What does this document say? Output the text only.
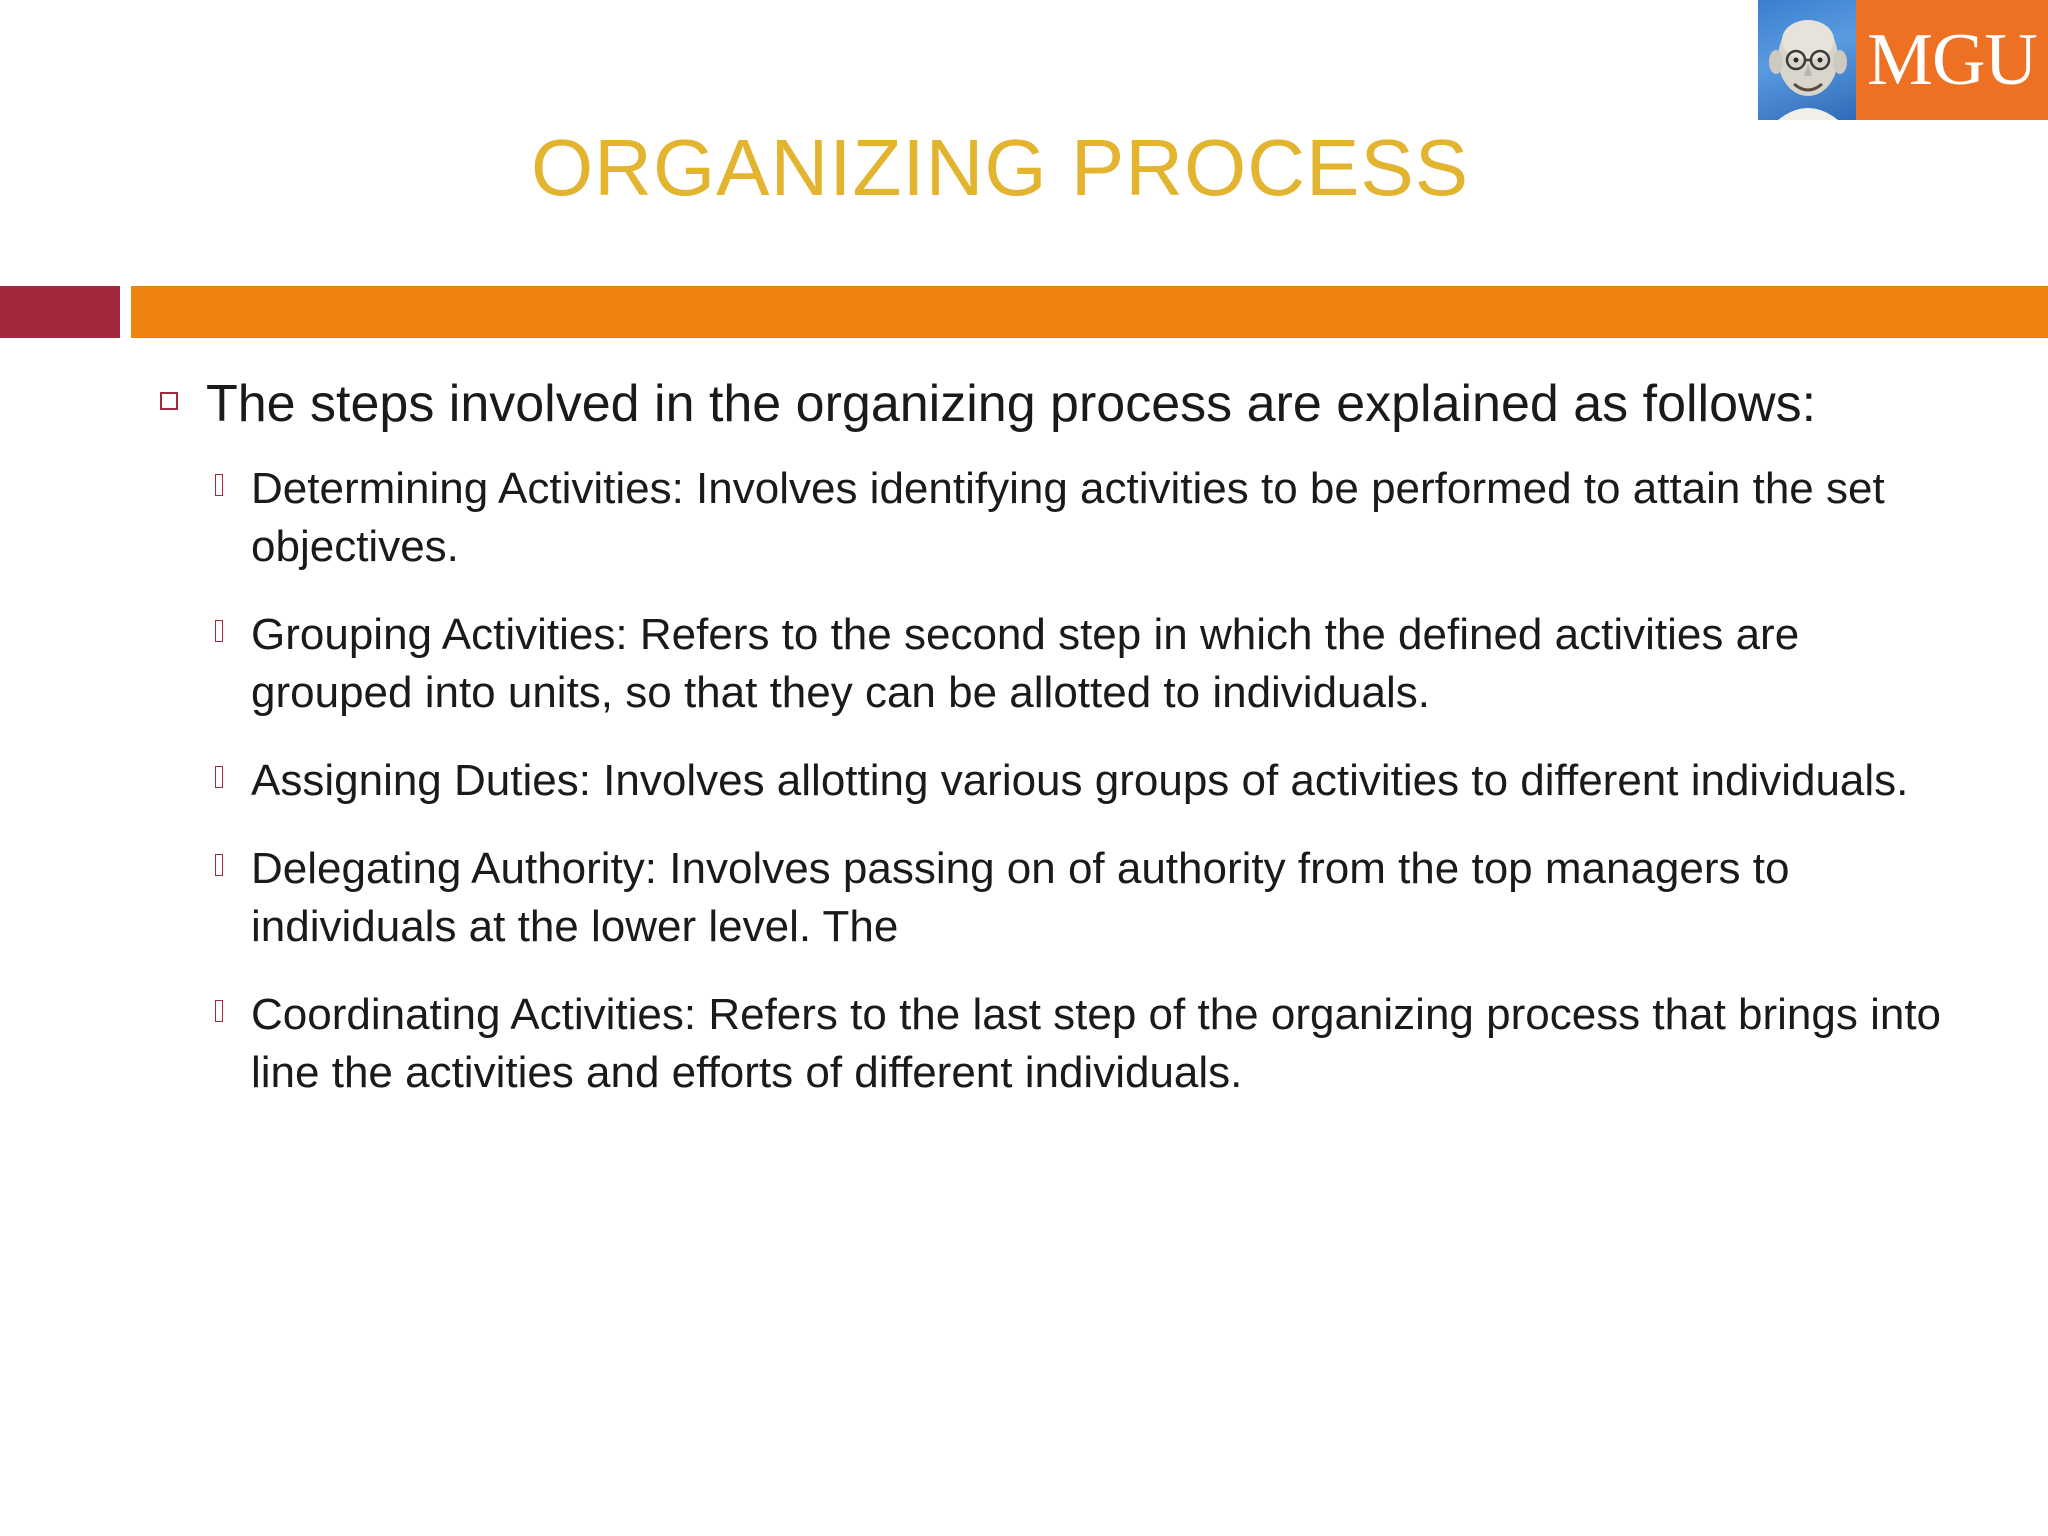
MGU
ORGANIZING PROCESS
The steps involved in the organizing process are explained as follows:
Determining Activities: Involves identifying activities to be performed to attain the set objectives.
Grouping Activities: Refers to the second step in which the defined activities are grouped into units, so that they can be allotted to individuals.
Assigning Duties: Involves allotting various groups of activities to different individuals.
Delegating Authority: Involves passing on of authority from the top managers to individuals at the lower level. The
Coordinating Activities: Refers to the last step of the organizing process that brings into line the activities and efforts of different individuals.
